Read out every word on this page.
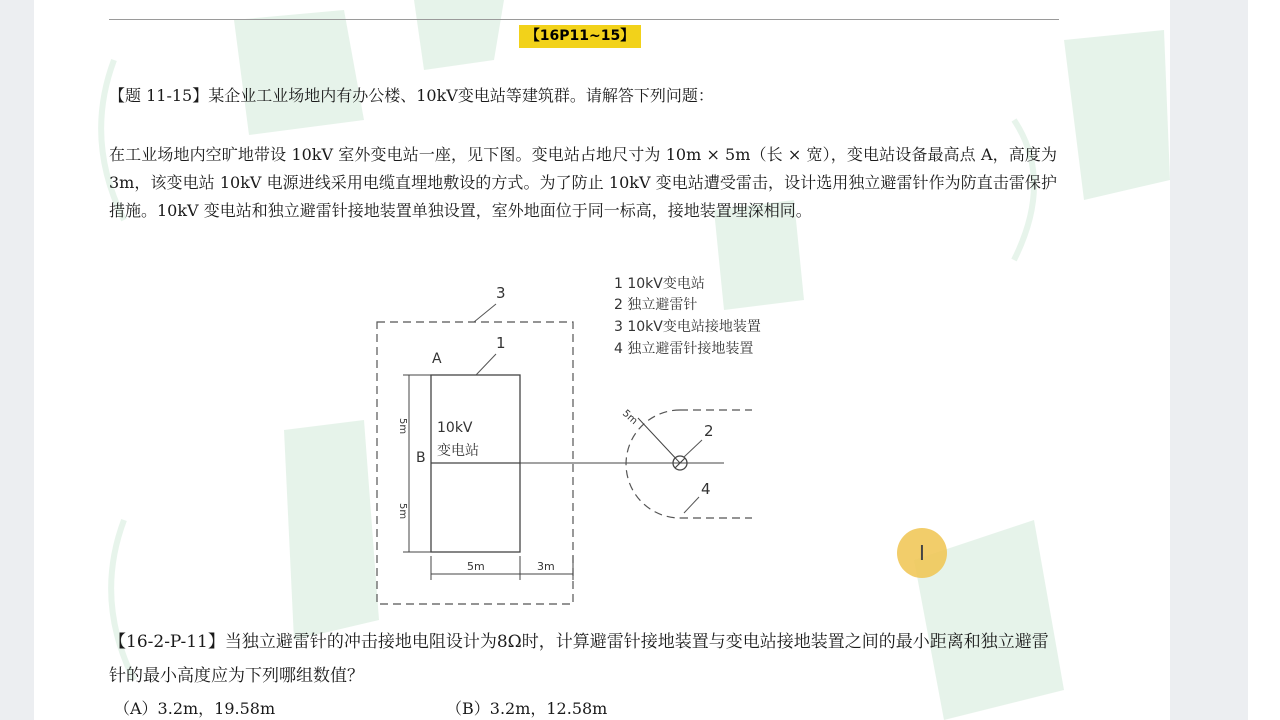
【16P11~15】

【题 11-15】某企业工业场地内有办公楼、10kV变电站等建筑群。请解答下列问题：

在工业场地内空旷地带设 10kV 室外变电站一座，见下图。变电站占地尺寸为 10m × 5m（长 × 宽），变电站设备最高点 A，高度为 3m，该变电站 10kV 电源进线采用电缆直埋地敷设的方式。为了防止 10kV 变电站遭受雷击，设计选用独立避雷针作为防直击雷保护措施。10kV 变电站和独立避雷针接地装置单独设置，室外地面位于同一标高，接地装置埋深相同。

1 10kV变电站
2 独立避雷针
3 10kV变电站接地装置
4 独立避雷针接地装置
3
1
A
B
10kV
变电站
5m
5m
5m	3m
5m
2
4

【16-2-P-11】当独立避雷针的冲击接地电阻设计为8Ω时，计算避雷针接地装置与变电站接地装置之间的最小距离和独立避雷针的最小高度应为下列哪组数值？

（A）3.2m，19.58m	（B）3.2m，12.58m
I
